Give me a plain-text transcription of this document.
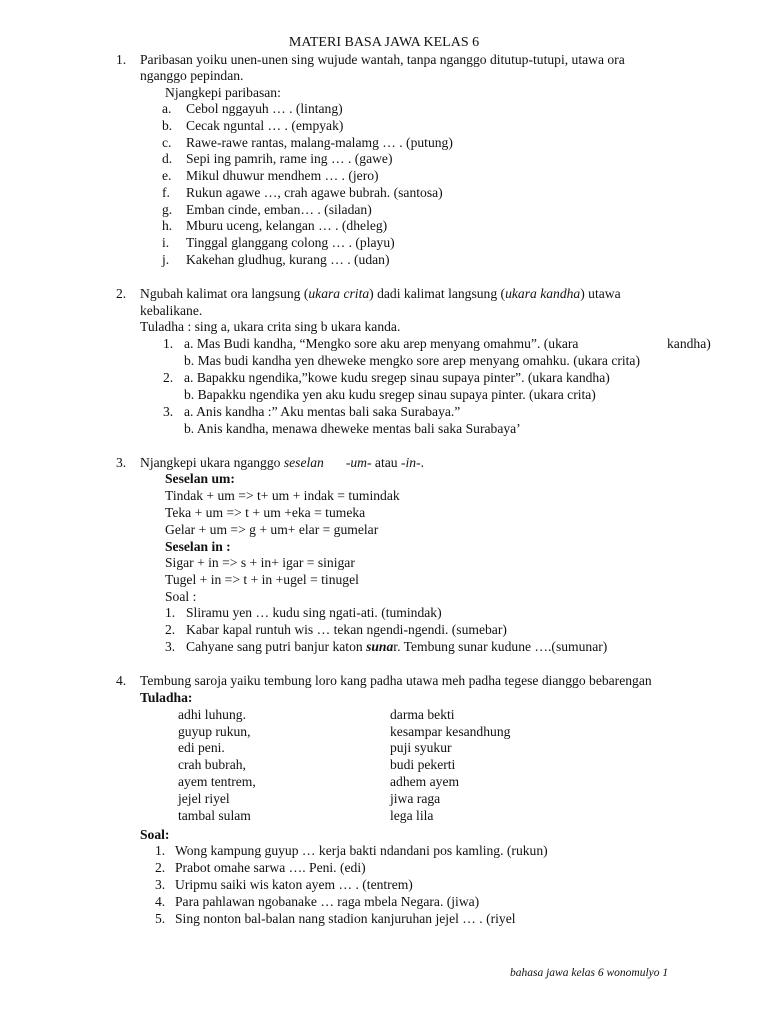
MATERI BASA JAWA KELAS 6
1. Paribasan yoiku unen-unen sing wujude wantah, tanpa nganggo ditutup-tutupi, utawa ora
nganggo pepindan.
Njangkepi paribasan:
a. Cebol nggayuh … . (lintang)
b. Cecak nguntal … . (empyak)
c. Rawe-rawe rantas, malang-malamg … . (putung)
d. Sepi ing pamrih, rame ing … . (gawe)
e. Mikul dhuwur mendhem … . (jero)
f. Rukun agawe …, crah agawe bubrah. (santosa)
g. Emban cinde, emban… . (siladan)
h. Mburu uceng, kelangan … . (dheleg)
i. Tinggal glanggang colong … . (playu)
j. Kakehan gludhug, kurang … . (udan)
2. Ngubah kalimat ora langsung (ukara crita) dadi kalimat langsung (ukara kandha) utawa
kebalikane.
Tuladha : sing a, ukara crita sing b ukara kanda.
1. a. Mas Budi kandha, “Mengko sore aku arep menyang omahmu”. (ukara	kandha)
b. Mas budi kandha yen dheweke mengko sore arep menyang omahku. (ukara crita)
2. a. Bapakku ngendika,”kowe kudu sregep sinau supaya pinter”. (ukara kandha)
b. Bapakku ngendika yen aku kudu sregep sinau supaya pinter. (ukara crita)
3. a. Anis kandha :” Aku mentas bali saka Surabaya.”
b. Anis kandha, menawa dheweke mentas bali saka Surabaya’
3. Njangkepi ukara nganggo seselan -um- atau -in-.
Seselan um:
Tindak + um => t+ um + indak = tumindak
Teka + um => t + um +eka = tumeka
Gelar + um => g + um+ elar = gumelar
Seselan in :
Sigar + in => s + in+ igar = sinigar
Tugel + in => t + in +ugel = tinugel
Soal :
1. Sliramu yen … kudu sing ngati-ati. (tumindak)
2. Kabar kapal runtuh wis … tekan ngendi-ngendi. (sumebar)
3. Cahyane sang putri banjur katon sunar. Tembung sunar kudune ….(sumunar)
4. Tembung saroja yaiku tembung loro kang padha utawa meh padha tegese dianggo bebarengan
Tuladha:
adhi luhung.	darma bekti
guyup rukun,	kesampar kesandhung
edi peni.	puji syukur
crah bubrah,	budi pekerti
ayem tentrem,	adhem ayem
jejel riyel	jiwa raga
tambal sulam	lega lila
Soal:
1. Wong kampung guyup … kerja bakti ndandani pos kamling. (rukun)
2. Prabot omahe sarwa …. Peni. (edi)
3. Uripmu saiki wis katon ayem … . (tentrem)
4. Para pahlawan ngobanake … raga mbela Negara. (jiwa)
5. Sing nonton bal-balan nang stadion kanjuruhan jejel … . (riyel
bahasa jawa kelas 6 wonomulyo 1
